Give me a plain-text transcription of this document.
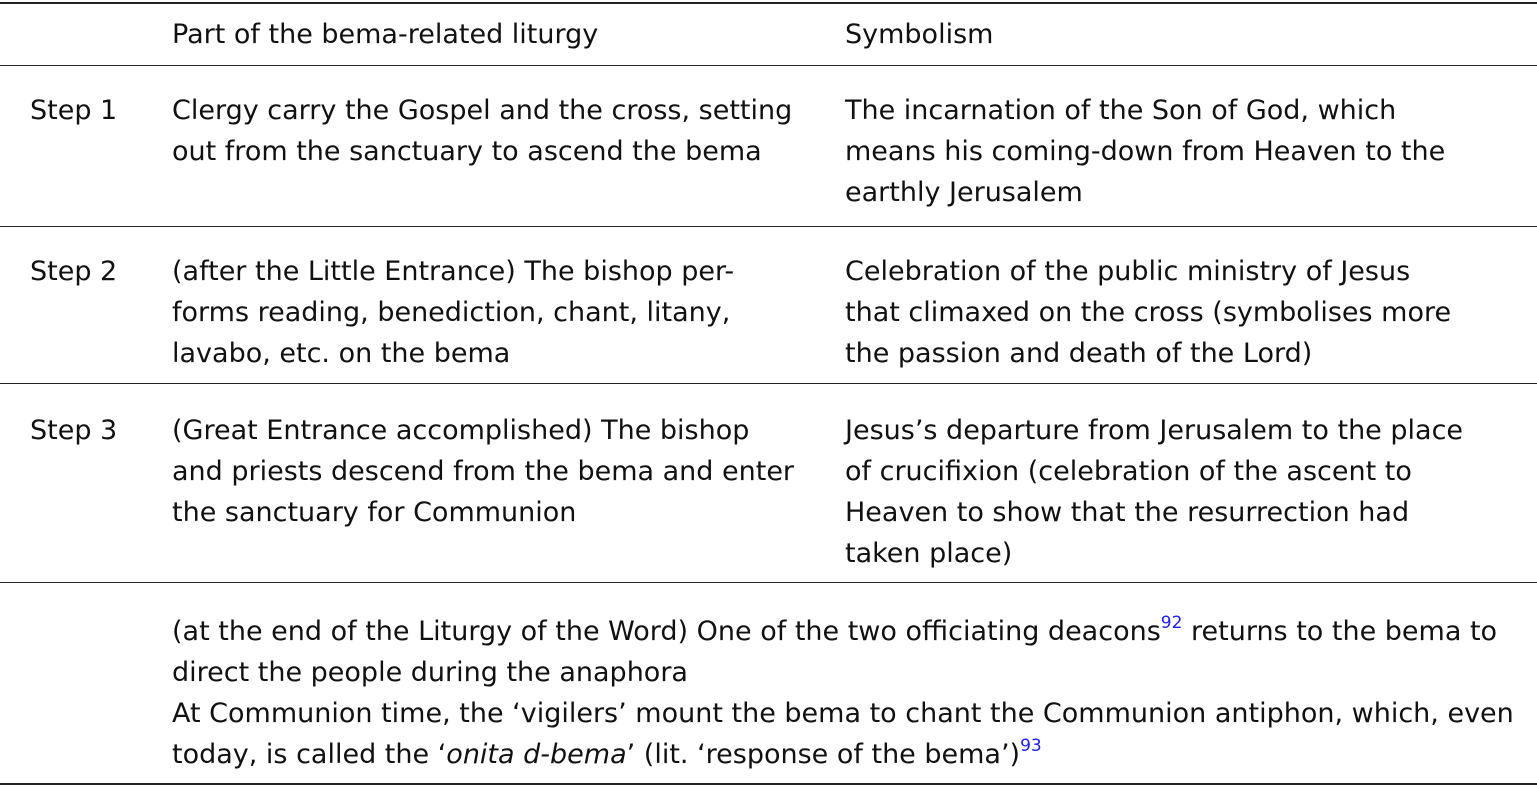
Part of the bema-related liturgy	Symbolism
Step 1 Clergy carry the Gospel and the cross, setting
out from the sanctuary to ascend the bema
The incarnation of the Son of God, which
means his coming-down from Heaven to the
earthly Jerusalem
Step 2 (after the Little Entrance) The bishop per-
forms reading, benediction, chant, litany,
lavabo, etc. on the bema
Celebration of the public ministry of Jesus
that climaxed on the cross (symbolises more
the passion and death of the Lord)
Step 3 (Great Entrance accomplished) The bishop
and priests descend from the bema and enter
the sanctuary for Communion
Jesus’s departure from Jerusalem to the place
of crucifixion (celebration of the ascent to
Heaven to show that the resurrection had
taken place)
(at the end of the Liturgy of the Word) One of the two officiating deacons$^{92}$ returns to the bema to
direct the people during the anaphora
At Communion time, the ‘vigilers’ mount the bema to chant the Communion antiphon, which, even
today, is called the ‘onita d-bema’ (lit. ‘response of the bema’)$^{93}$
